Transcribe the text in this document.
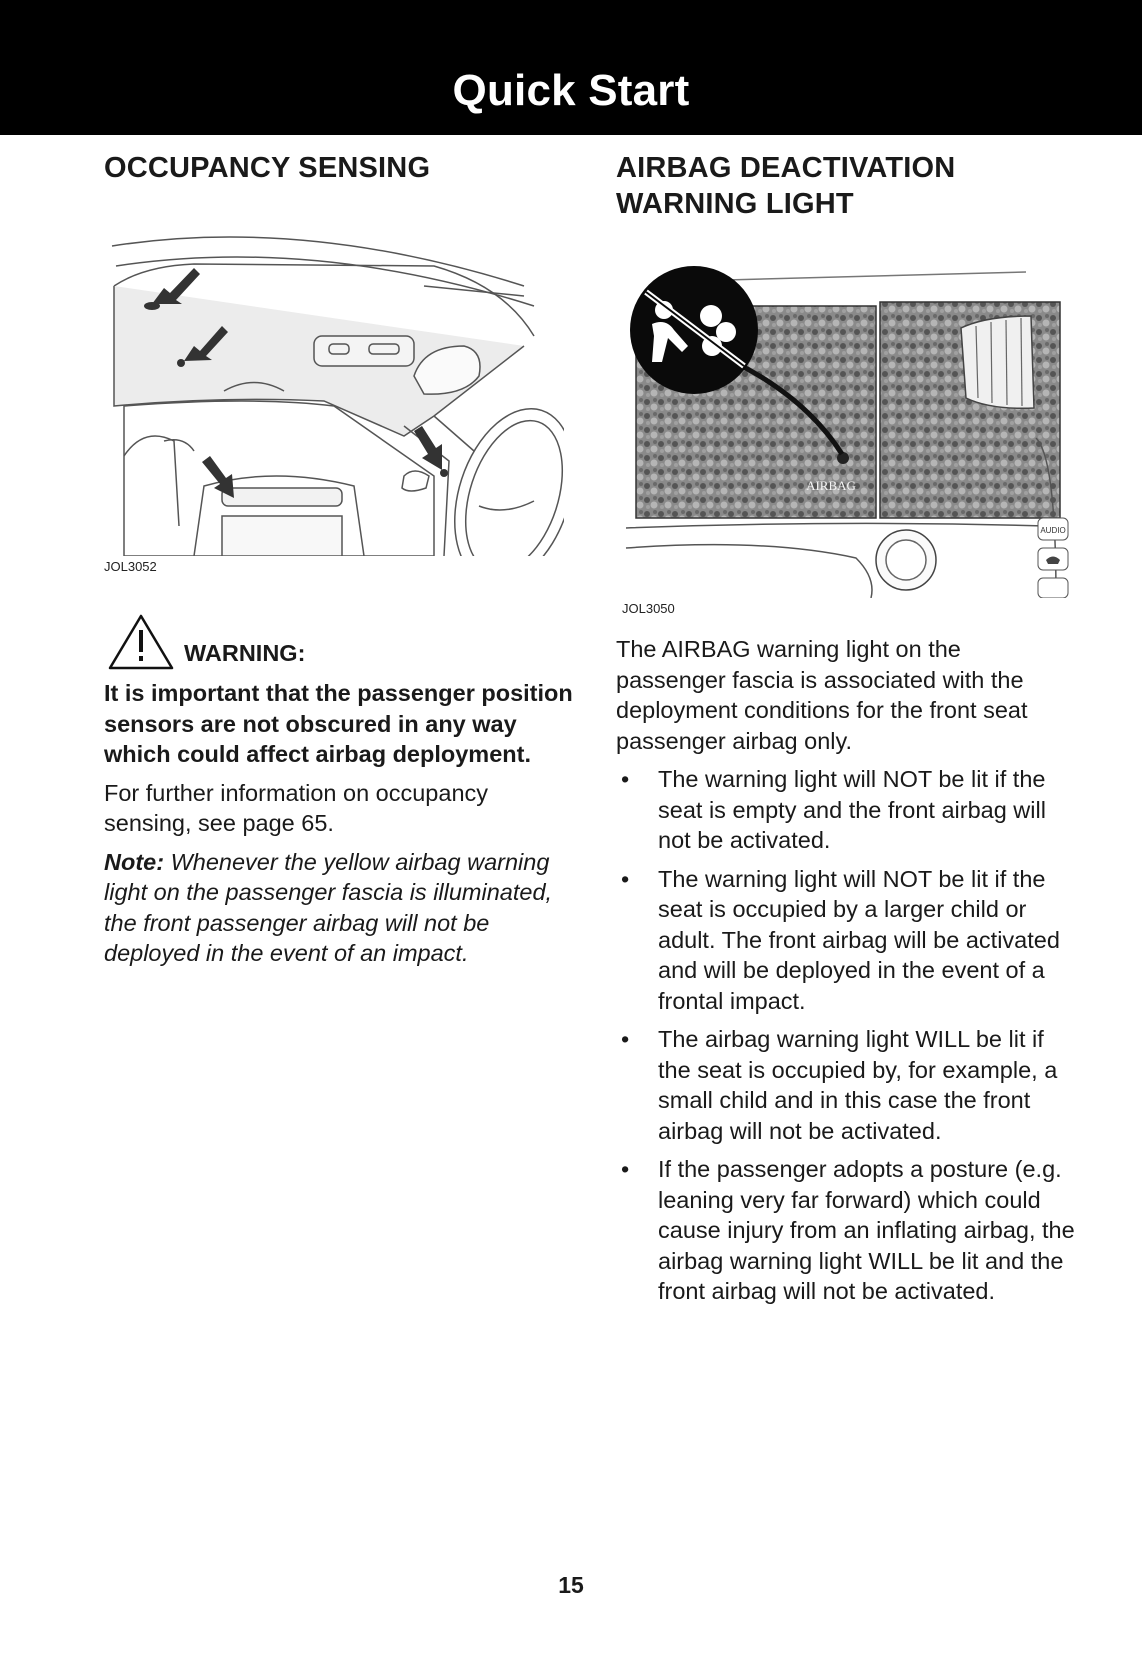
Quick Start
OCCUPANCY SENSING
JOL3052
WARNING:

It is important that the passenger position sensors are not obscured in any way which could affect airbag deployment.

For further information on occupancy sensing, see page 65.

Note: Whenever the yellow airbag warning light on the passenger fascia is illuminated, the front passenger airbag will not be deployed in the event of an impact.

AIRBAG DEACTIVATION
WARNING LIGHT
AUDIO
AIRBAG
JOL3050

The AIRBAG warning light on the passenger fascia is associated with the deployment conditions for the front seat passenger airbag only.

• The warning light will NOT be lit if the seat is empty and the front airbag will not be activated.
• The warning light will NOT be lit if the seat is occupied by a larger child or adult. The front airbag will be activated and will be deployed in the event of a frontal impact.
• The airbag warning light WILL be lit if the seat is occupied by, for example, a small child and in this case the front airbag will not be activated.
• If the passenger adopts a posture (e.g. leaning very far forward) which could cause injury from an inflating airbag, the airbag warning light WILL be lit and the front airbag will not be activated.
15
